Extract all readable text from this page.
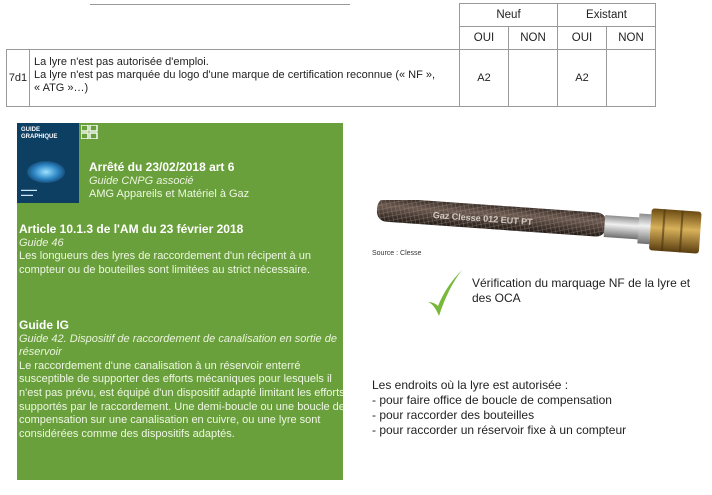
		Neuf		Existant	
		OUI	NON	OUI	NON
7d1	La lyre n'est pas autorisée d'emploi.
La lyre n'est pas marquée du logo d'une marque de certification reconnue (« NF »,
« ATG »…)	A2		A2	
GUIDE
GRAPHIQUE
▬▬▬▬
▬▬▬
Arrêté du 23/02/2018 art 6
Guide CNPG associé
AMG Appareils et Matériel à Gaz
Article 10.1.3 de l'AM du 23 février 2018
Guide 46
Les longueurs des lyres de raccordement d'un récipent à un compteur ou de bouteilles sont limitées au strict nécessaire.
Guide IG
Guide 42. Dispositif de raccordement de canalisation en sortie de réservoir
Le raccordement d'une canalisation à un réservoir enterré susceptible de supporter des efforts mécaniques pour lesquels il n'est pas prévu, est équipé d'un dispositif adapté limitant les efforts supportés par le raccordement. Une demi-boucle ou une boucle de compensation sur une canalisation en cuivre, ou une lyre sont considérées comme des dispositifs adaptés.
Gaz Clesse 012 EUT PT
Source : Clesse
Vérification du marquage NF de la lyre et des OCA
Les endroits où la lyre est autorisée :
- pour faire office de boucle de compensation
- pour raccorder des bouteilles
- pour raccorder un réservoir fixe à un compteur
